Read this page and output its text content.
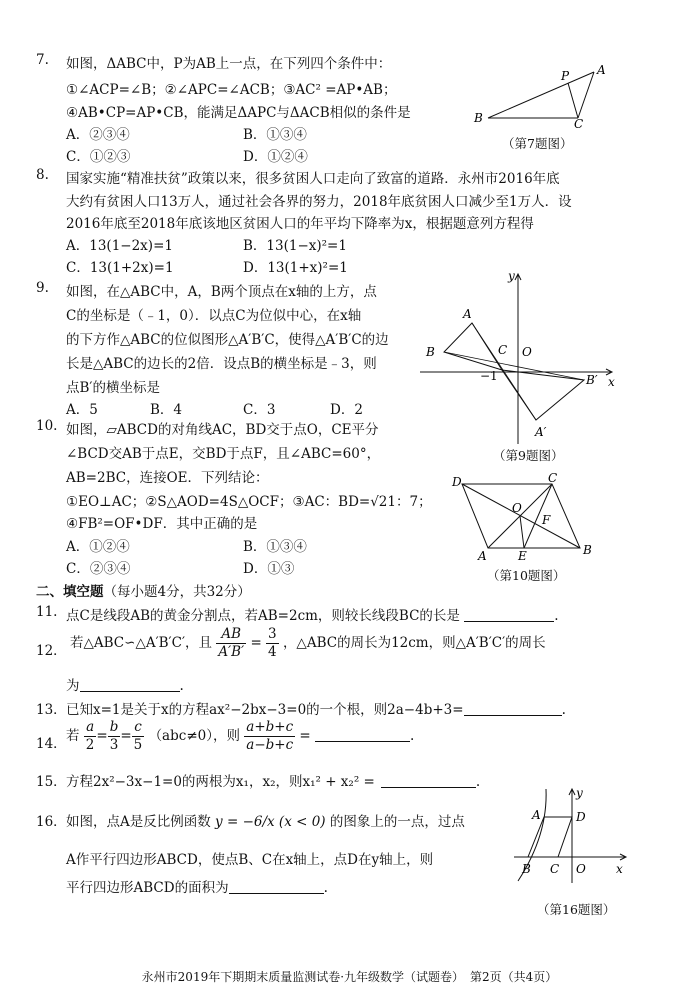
7. 如图，ΔABC中，P为AB上一点，在下列四个条件中：
①∠ACP=∠B；②∠APC=∠ACB；③AC² =AP•AB；
④AB•CP=AP•CB，能满足ΔAPC与ΔACB相似的条件是
A．②③④	B．①③④
C．①②③	D．①②④
P A
B	C
（第7题图）
8. 国家实施“精准扶贫”政策以来，很多贫困人口走向了致富的道路．永州市2016年底
大约有贫困人口13万人，通过社会各界的努力，2018年底贫困人口减少至1万人．设
2016年底至2018年底该地区贫困人口的年平均下降率为x，根据题意列方程得
A．13(1−2x)=1	B．13(1−x)²=1
C．13(1+2x)=1	D．13(1+x)²=1
9. 如图，在△ABC中，A，B两个顶点在x轴的上方，点
C的坐标是（﹣1，0）．以点C为位似中心，在x轴
的下方作△ABC的位似图形△A′B′C，使得△A′B′C的边
长是△ABC的边长的2倍．设点B的横坐标是﹣3，则
点B′的横坐标是
A．5	B．4	C．3	D．2
y
x
A
B	C O
−1	B′
A′
（第9题图）
10. 如图，▱ABCD的对角线AC，BD交于点O，CE平分
∠BCD交AB于点E，交BD于点F，且∠ABC=60°，
AB=2BC，连接OE．下列结论：
①EO⊥AC；②S△AOD=4S△OCF；③AC：BD=√21：7；
④FB²=OF•DF．其中正确的是
A．①②④	B．①③④
C．②③④	D．①③
D	C
O
F
A	E	B
（第10题图）
二、填空题（每小题4分，共32分）
11. 点C是线段AB的黄金分割点，若AB=2cm，则较长线段BC的长是	.
12． 若△ABC∽△A′B′C′，且 $\frac{AB}{A'B'} = \frac{3}{4}$ ，△ABC的周长为12cm，则△A′B′C′的周长
为	.
13． 已知x=1是关于x的方程ax²−2bx−3=0的一个根，则2a−4b+3=	.
14． 若 $\frac{a}{2} = \frac{b}{3} = \frac{c}{5} (abc\ne 0)$，则 $\frac{a+b+c}{a-b+c}$ =	.
15． 方程2x²−3x−1=0的两根为x₁，x₂，则x₁² + x₂² =	.
16． 如图，点A是反比例函数 y = −6/x (x < 0) 的图象上的一点，过点
A作平行四边形ABCD，使点B、C在x轴上，点D在y轴上，则
平行四边形ABCD的面积为	.
y
x
A	D
B C O
（第16题图）
永州市2019年下期期末质量监测试卷·九年级数学（试题卷）　第2页（共4页）
